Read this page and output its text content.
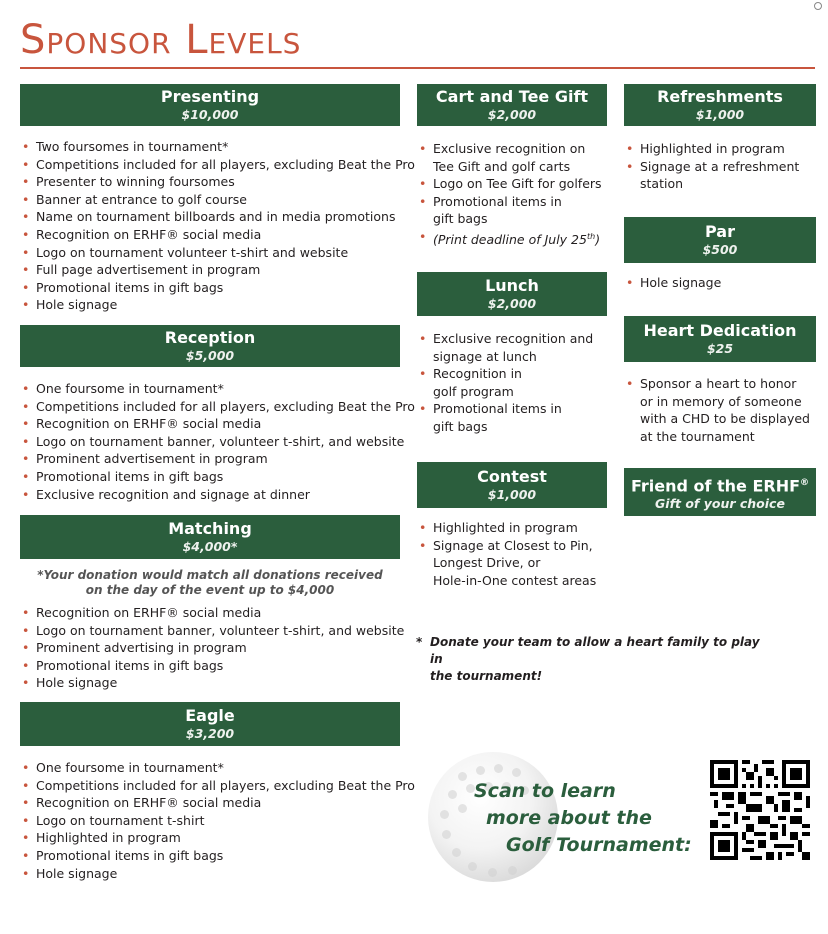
Sponsor Levels
Presenting
$10,000
• Two foursomes in tournament*
• Competitions included for all players, excluding Beat the Pro
• Presenter to winning foursomes
• Banner at entrance to golf course
• Name on tournament billboards and in media promotions
• Recognition on ERHF® social media
• Logo on tournament volunteer t-shirt and website
• Full page advertisement in program
• Promotional items in gift bags
• Hole signage
Reception
$5,000
• One foursome in tournament*
• Competitions included for all players, excluding Beat the Pro
• Recognition on ERHF® social media
• Logo on tournament banner, volunteer t-shirt, and website
• Prominent advertisement in program
• Promotional items in gift bags
• Exclusive recognition and signage at dinner
Matching
$4,000*
*Your donation would match all donations received
on the day of the event up to $4,000
• Recognition on ERHF® social media
• Logo on tournament banner, volunteer t-shirt, and website
• Prominent advertising in program
• Promotional items in gift bags
• Hole signage
Eagle
$3,200
• One foursome in tournament*
• Competitions included for all players, excluding Beat the Pro
• Recognition on ERHF® social media
• Logo on tournament t-shirt
• Highlighted in program
• Promotional items in gift bags
• Hole signage
Cart and Tee Gift
$2,000
• Exclusive recognition on
Tee Gift and golf carts
• Logo on Tee Gift for golfers
• Promotional items in
gift bags
• (Print deadline of July 25th)
Lunch
$2,000
• Exclusive recognition and
signage at lunch
• Recognition in
golf program
• Promotional items in
gift bags
Contest
$1,000
• Highlighted in program
• Signage at Closest to Pin,
Longest Drive, or
Hole-in-One contest areas
Refreshments
$1,000
• Highlighted in program
• Signage at a refreshment
station
Par
$500
• Hole signage
Heart Dedication
$25
• Sponsor a heart to honor
or in memory of someone
with a CHD to be displayed
at the tournament
Friend of the ERHF®
Gift of your choice
* Donate your team to allow a heart family to play in
the tournament!
Scan to learn
more about the
Golf Tournament:
